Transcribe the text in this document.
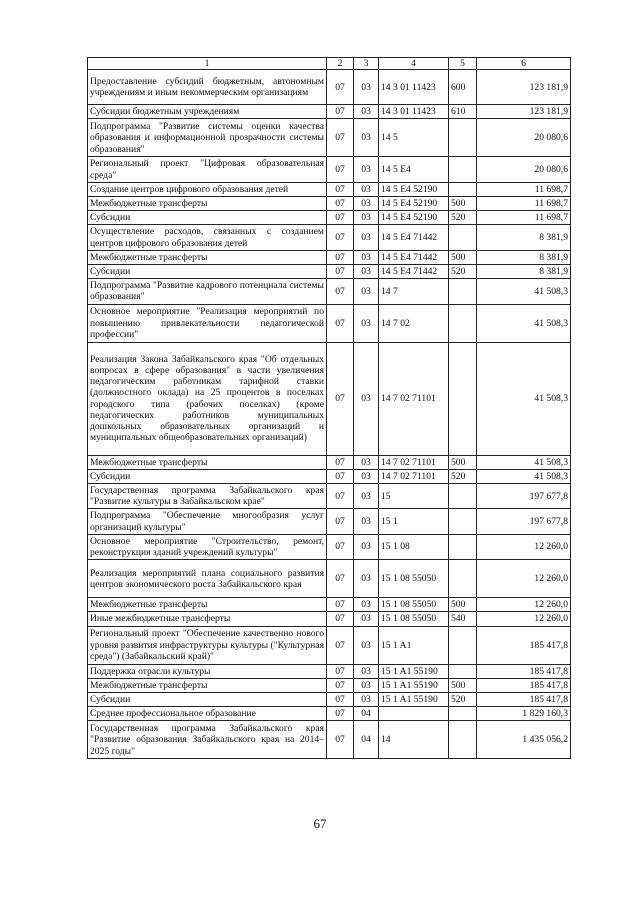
1	2	3	4	5	6
Предоставление субсидий бюджетным, автономным учреждениям и иным некоммерческим организациям	07	03	14 3 01 11423	600	123 181,9
Субсидии бюджетным учреждениям	07	03	14 3 01 11423	610	123 181,9
Подпрограмма "Развитие системы оценки качества образования и информационной прозрачности системы образования"	07	03	14 5		20 080,6
Региональный проект "Цифровая образовательная среда"	07	03	14 5 E4		20 080,6
Создание центров цифрового образования детей	07	03	14 5 E4 52190		11 698,7
Межбюджетные трансферты	07	03	14 5 E4 52190	500	11 698,7
Субсидии	07	03	14 5 E4 52190	520	11 698,7
Осуществление расходов, связанных с созданием центров цифрового образования детей	07	03	14 5 E4 71442		8 381,9
Межбюджетные трансферты	07	03	14 5 E4 71442	500	8 381,9
Субсидии	07	03	14 5 E4 71442	520	8 381,9
Подпрограмма "Развитие кадрового потенциала системы образования"	07	03	14 7		41 508,3
Основное мероприятие "Реализация мероприятий по повышению привлекательности педагогической профессии"	07	03	14 7 02		41 508,3
Реализация Закона Забайкальского края "Об отдельных вопросах в сфере образования" в части увеличения педагогическим работникам тарифной ставки (должностного оклада) на 25 процентов в поселках городского типа (рабочих поселках) (кроме педагогических работников муниципальных дошкольных образовательных организаций и муниципальных общеобразовательных организаций)	07	03	14 7 02 71101		41 508,3
Межбюджетные трансферты	07	03	14 7 02 71101	500	41 508,3
Субсидии	07	03	14 7 02 71101	520	41 508,3
Государственная программа Забайкальского края "Развитие культуры в Забайкальском крае"	07	03	15		197 677,8
Подпрограмма "Обеспечение многообразия услуг организаций культуры"	07	03	15 1		197 677,8
Основное мероприятие "Строительство, ремонт, реконструкция зданий учреждений культуры"	07	03	15 1 08		12 260,0
Реализация мероприятий плана социального развития центров экономического роста Забайкальского края	07	03	15 1 08 55050		12 260,0
Межбюджетные трансферты	07	03	15 1 08 55050	500	12 260,0
Иные межбюджетные трансферты	07	03	15 1 08 55050	540	12 260,0
Региональный проект "Обеспечение качественно нового уровня развития инфраструктуры культуры ("Культурная среда") (Забайкальский край)"	07	03	15 1 A1		185 417,8
Поддержка отрасли культуры	07	03	15 1 A1 55190		185 417,8
Межбюджетные трансферты	07	03	15 1 A1 55190	500	185 417,8
Субсидии	07	03	15 1 A1 55190	520	185 417,8
Среднее профессиональное образование	07	04			1 829 160,3
Государственная программа Забайкальского края "Развитие образования Забайкальского края на 2014–2025 годы"	07	04	14		1 435 056,2
67
